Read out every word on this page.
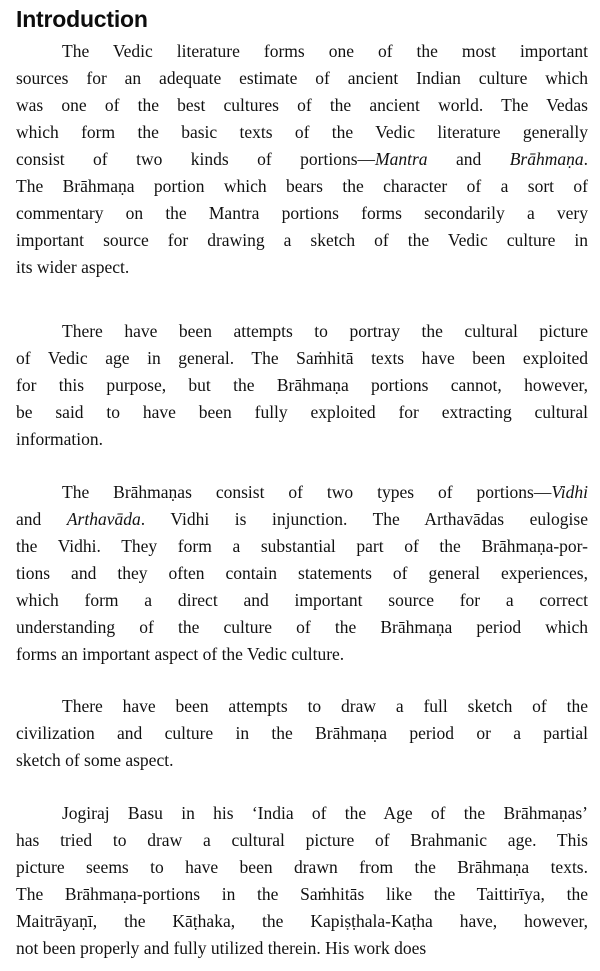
Introduction
The Vedic literature forms one of the most important
sources for an adequate estimate of ancient Indian culture which
was one of the best cultures of the ancient world. The Vedas
which form the basic texts of the Vedic literature generally
consist of two kinds of portions—Mantra and Brāhmaṇa.
The Brāhmaṇa portion which bears the character of a sort of
commentary on the Mantra portions forms secondarily a very
important source for drawing a sketch of the Vedic culture in
its wider aspect.
There have been attempts to portray the cultural picture
of Vedic age in general. The Saṁhitā texts have been exploited
for this purpose, but the Brāhmaṇa portions cannot, however,
be said to have been fully exploited for extracting cultural
information.
The Brāhmaṇas consist of two types of portions—Vidhi
and Arthavāda. Vidhi is injunction. The Arthavādas eulogise
the Vidhi. They form a substantial part of the Brāhmaṇa-por-
tions and they often contain statements of general experiences,
which form a direct and important source for a correct
understanding of the culture of the Brāhmaṇa period which
forms an important aspect of the Vedic culture.
There have been attempts to draw a full sketch of the
civilization and culture in the Brāhmaṇa period or a partial
sketch of some aspect.
Jogiraj Basu in his ‘India of the Age of the Brāhmaṇas’
has tried to draw a cultural picture of Brahmanic age. This
picture seems to have been drawn from the Brāhmaṇa texts.
The Brāhmaṇa-portions in the Saṁhitās like the Taittirīya, the
Maitrāyaṇī, the Kāṭhaka, the Kapiṣṭhala-Kaṭha have, however,
not been properly and fully utilized therein. His work does
